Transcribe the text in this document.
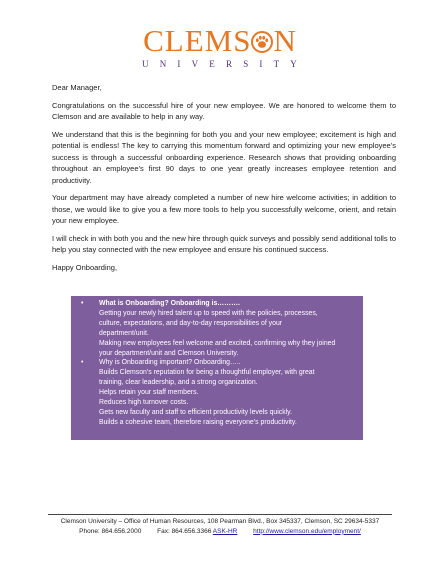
CLEMS N
UNIVERSITY

Dear Manager,

Congratulations on the successful hire of your new employee. We are honored to welcome them to Clemson and are available to help in any way.

We understand that this is the beginning for both you and your new employee; excitement is high and potential is endless! The key to carrying this momentum forward and optimizing your new employee’s success is through a successful onboarding experience. Research shows that providing onboarding throughout an employee’s first 90 days to one year greatly increases employee retention and productivity.

Your department may have already completed a number of new hire welcome activities; in addition to those, we would like to give you a few more tools to help you successfully welcome, orient, and retain your new employee.

I will check in with both you and the new hire through quick surveys and possibly send additional tolls to help you stay connected with the new employee and ensure his continued success.

Happy Onboarding,

• What is Onboarding? Onboarding is……….
Getting your newly hired talent up to speed with the policies, processes,
culture, expectations, and day-to-day responsibilities of your
department/unit.
Making new employees feel welcome and excited, confirming why they joined
your department/unit and Clemson University.
• Why is Onboarding important? Onboarding…..
Builds Clemson’s reputation for being a thoughtful employer, with great
training, clear leadership, and a strong organization.
Helps retain your staff members.
Reduces high turnover costs.
Gets new faculty and staff to efficient productivity levels quickly.
Builds a cohesive team, therefore raising everyone’s productivity.
Clemson University – Office of Human Resources, 108 Pearman Blvd., Box 345337, Clemson, SC 29634-5337
Phone: 864.656.2000 Fax: 864.656.3366 ASK-HR http://www.clemson.edu/employment/
